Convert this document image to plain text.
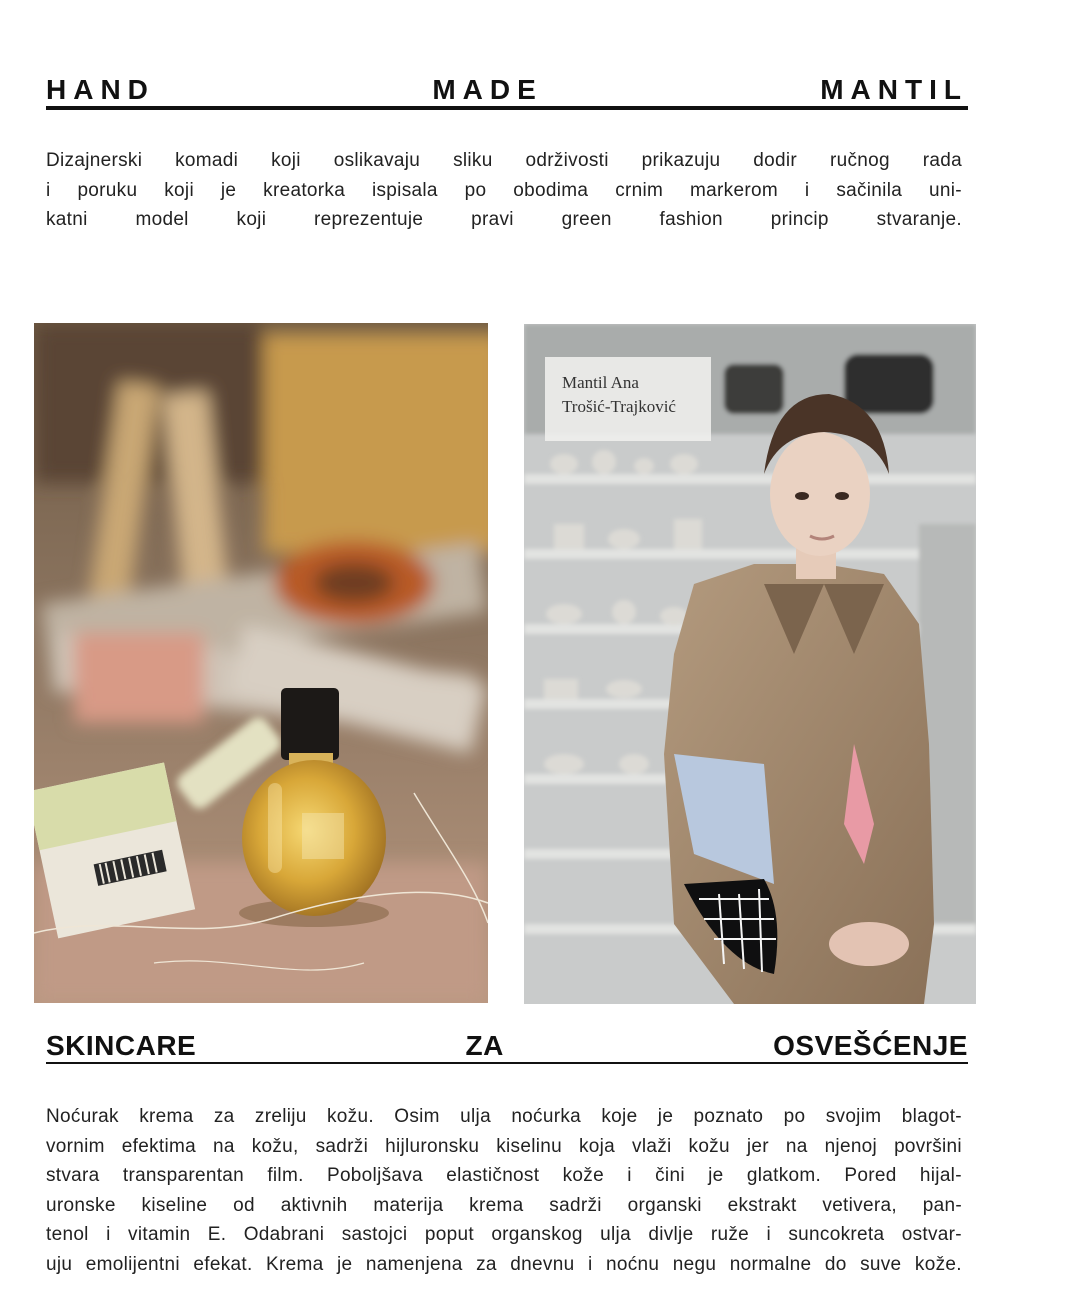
HAND	MADE	MANTIL
Dizajnerski komadi koji oslikavaju sliku održivosti prikazuju dodir ručnog rada
i poruku koji je kreatorka ispisala po obodima crnim markerom i sačinila uni-
katni	model	koji	reprezentuje	pravi	green	fashion	princip	stvaranje.
Mantil Ana
Trošić-Trajković
SKINCARE	ZA	OSVEŠĆENJE
Noćurak krema za zreliju kožu. Osim ulja noćurka koje je poznato po svojim blagot-
vornim efektima na kožu, sadrži hijluronsku kiselinu koja vlaži kožu jer na njenoj površini
stvara transparentan film. Poboljšava elastičnost kože i čini je glatkom. Pored hijal-
uronske kiseline od aktivnih materija krema sadrži organski ekstrakt vetivera, pan-
tenol i vitamin E. Odabrani sastojci poput organskog ulja divlje ruže i suncokreta ostvar-
uju emolijentni efekat. Krema je namenjena za dnevnu i noćnu negu normalne do suve kože.
